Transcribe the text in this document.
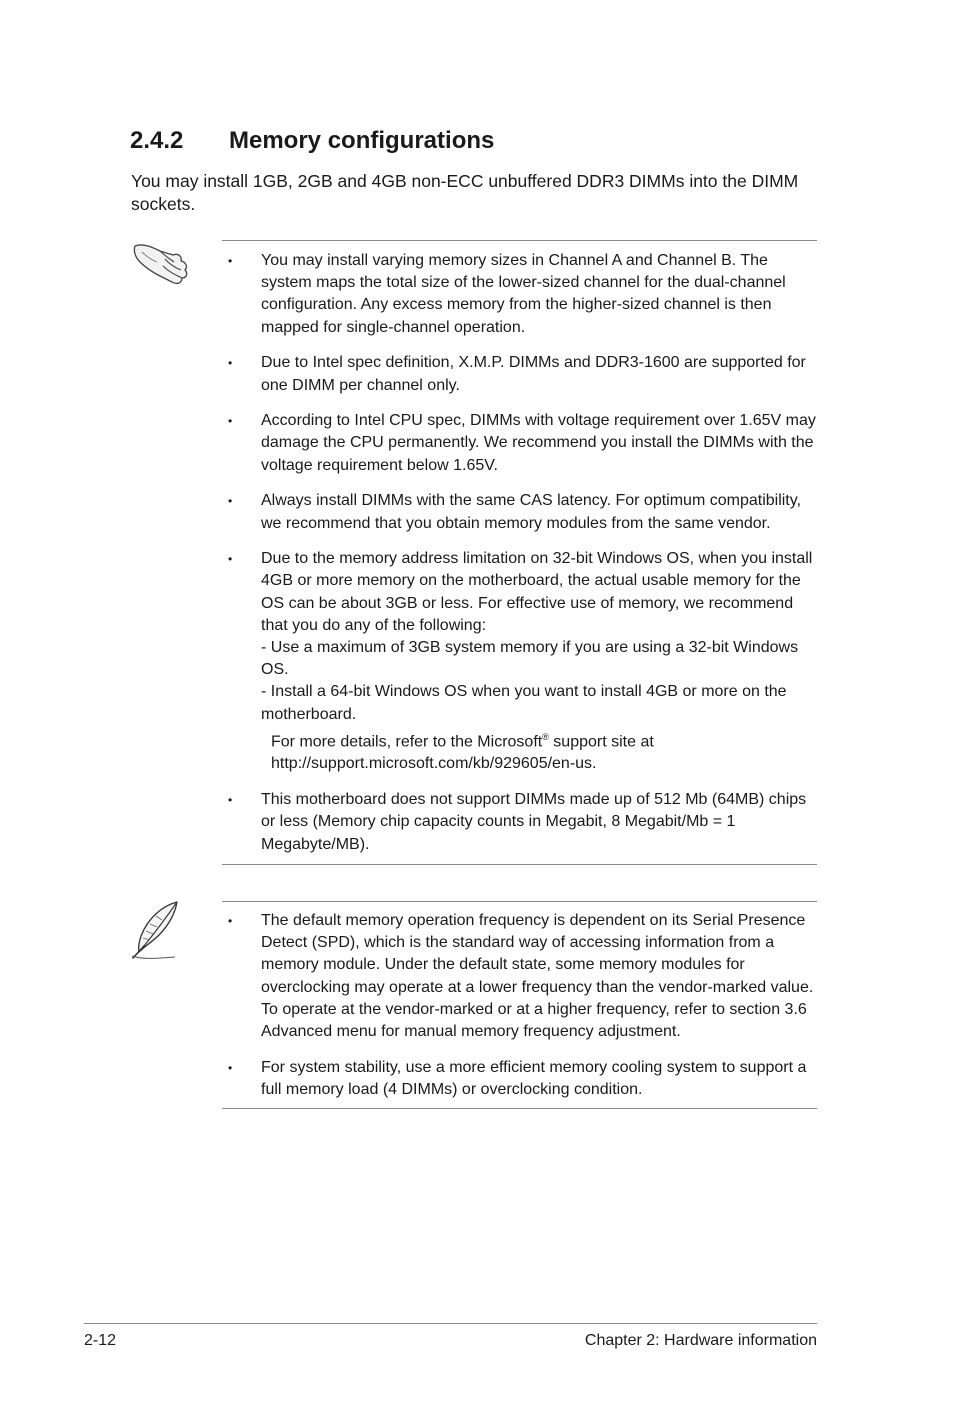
2.4.2 Memory configurations

You may install 1GB, 2GB and 4GB non-ECC unbuffered DDR3 DIMMs into the DIMM sockets.

• You may install varying memory sizes in Channel A and Channel B. The system maps the total size of the lower-sized channel for the dual-channel configuration. Any excess memory from the higher-sized channel is then mapped for single-channel operation.
• Due to Intel spec definition, X.M.P. DIMMs and DDR3-1600 are supported for one DIMM per channel only.
• According to Intel CPU spec, DIMMs with voltage requirement over 1.65V may damage the CPU permanently. We recommend you install the DIMMs with the voltage requirement below 1.65V.
• Always install DIMMs with the same CAS latency. For optimum compatibility, we recommend that you obtain memory modules from the same vendor.
• Due to the memory address limitation on 32-bit Windows OS, when you install 4GB or more memory on the motherboard, the actual usable memory for the OS can be about 3GB or less. For effective use of memory, we recommend that you do any of the following:
- Use a maximum of 3GB system memory if you are using a 32-bit Windows OS.
- Install a 64-bit Windows OS when you want to install 4GB or more on the motherboard.
For more details, refer to the Microsoft® support site at
http://support.microsoft.com/kb/929605/en-us.
• This motherboard does not support DIMMs made up of 512 Mb (64MB) chips or less (Memory chip capacity counts in Megabit, 8 Megabit/Mb = 1 Megabyte/MB).
• The default memory operation frequency is dependent on its Serial Presence Detect (SPD), which is the standard way of accessing information from a memory module. Under the default state, some memory modules for overclocking may operate at a lower frequency than the vendor-marked value. To operate at the vendor-marked or at a higher frequency, refer to section 3.6 Advanced menu for manual memory frequency adjustment.
• For system stability, use a more efficient memory cooling system to support a full memory load (4 DIMMs) or overclocking condition.
2-12	Chapter 2: Hardware information
